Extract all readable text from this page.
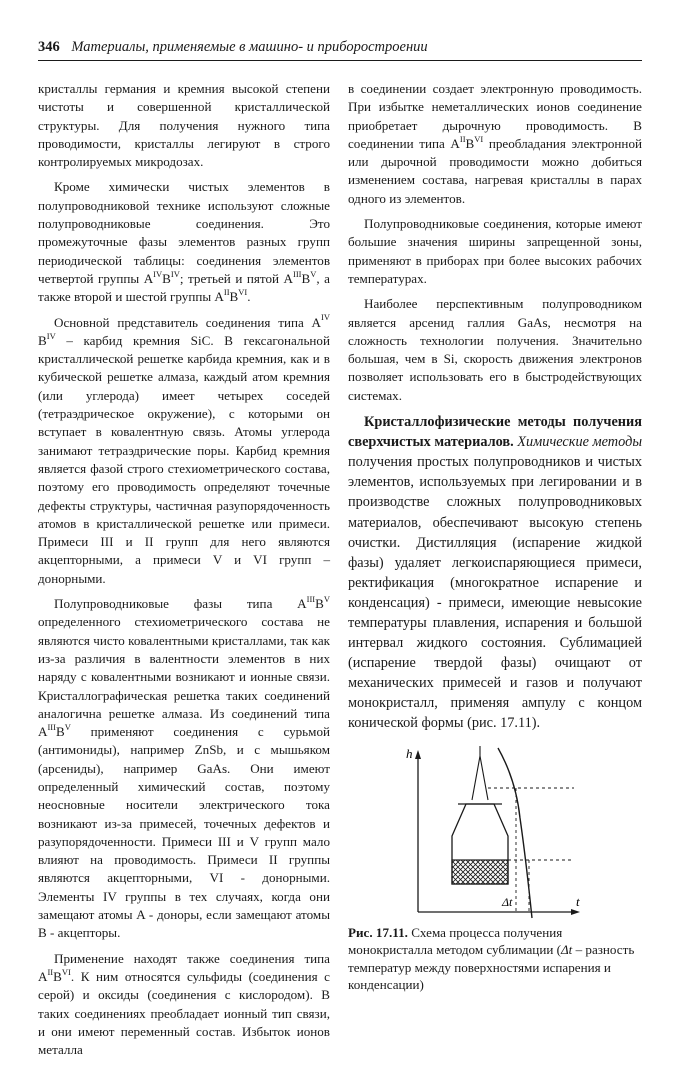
346 Материалы, применяемые в машино- и приборостроении

кристаллы германия и кремния высокой степени чистоты и совершенной кристаллической структуры. Для получения нужного типа проводимости, кристаллы легируют в строго контролируемых микродозах.

Кроме химически чистых элементов в полупроводниковой технике используют сложные полупроводниковые соединения. Это промежуточные фазы элементов разных групп периодической таблицы: соединения элементов четвертой группы $A^{IV}B^{IV}$; третьей и пятой $A^{III}B^V$, а также второй и шестой группы $A^{II}B^{VI}$.

Основной представитель соединения типа $A^{IV}$ $B^{IV}$ – карбид кремния SiC. В гексагональной кристаллической решетке карбида кремния, как и в кубической решетке алмаза, каждый атом кремния (или углерода) имеет четырех соседей (тетраэдрическое окружение), с которыми он вступает в ковалентную связь. Атомы углерода занимают тетраэдрические поры. Карбид кремния является фазой строго стехиометрического состава, поэтому его проводимость определяют точечные дефекты структуры, частичная разупорядоченность атомов в кристаллической решетке или примеси. Примеси III и II групп для него являются акцепторными, а примеси V и VI групп – донорными.

Полупроводниковые фазы типа $A^{III}B^V$ определенного стехиометрического состава не являются чисто ковалентными кристаллами, так как из-за различия в валентности элементов в них наряду с ковалентными возникают и ионные связи. Кристаллографическая решетка таких соединений аналогична решетке алмаза. Из соединений типа $A^{III}B^V$ применяют соединения с сурьмой (антимониды), например ZnSb, и с мышьяком (арсениды), например GaAs. Они имеют определенный химический состав, поэтому неосновные носители электрического тока возникают из-за примесей, точечных дефектов и разупорядоченности. Примеси III и V групп мало влияют на проводимость. Примеси II группы являются акцепторными, VI - донорными. Элементы IV группы в тех случаях, когда они замещают атомы A - доноры, если замещают атомы B - акцепторы.

Применение находят также соединения типа $A^{II}B^{VI}$. К ним относятся сульфиды (соединения с серой) и оксиды (соединения с кислородом). В таких соединениях преобладает ионный тип связи, и они имеют переменный состав. Избыток ионов металла

в соединении создает электронную проводимость. При избытке неметаллических ионов соединение приобретает дырочную проводимость. В соединении типа $A^{II}B^{VI}$ преобладания электронной или дырочной проводимости можно добиться изменением состава, нагревая кристаллы в парах одного из элементов.

Полупроводниковые соединения, которые имеют большие значения ширины запрещенной зоны, применяют в приборах при более высоких рабочих температурах.

Наиболее перспективным полупроводником является арсенид галлия GaAs, несмотря на сложность технологии получения. Значительно большая, чем в Si, скорость движения электронов позволяет использовать его в быстродействующих системах.

Кристаллофизические методы получения сверхчистых материалов. Химические методы получения простых полупроводников и чистых элементов, используемых при легировании и в производстве сложных полупроводниковых материалов, обеспечивают высокую степень очистки. Дистилляция (испарение жидкой фазы) удаляет легкоиспаряющиеся примеси, ректификация (многократное испарение и конденсация) - примеси, имеющие невысокие температуры плавления, испарения и большой интервал жидкого состояния. Сублимацией (испарение твердой фазы) очищают от механических примесей и газов и получают монокристалл, применяя ампулу с концом конической формы (рис. 17.11).

h
t
Δt

Рис. 17.11. Схема процесса получения монокристалла методом сублимации (Δt – разность температур между поверхностями испарения и конденсации)
